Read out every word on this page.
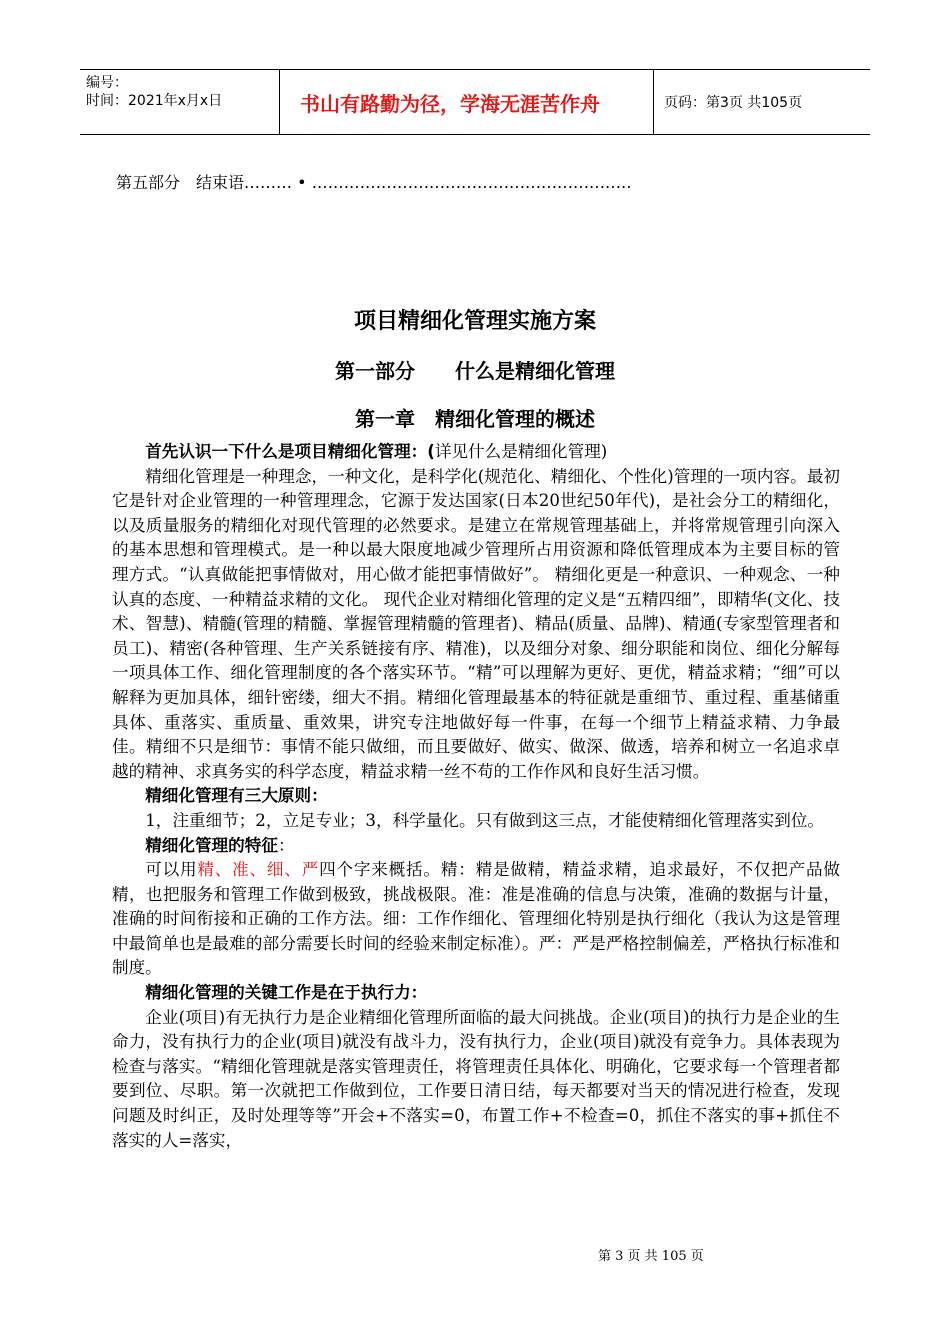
编号：
时间：2021年x月x日	书山有路勤为径，学海无涯苦作舟	页码：第3页 共105页
第五部分　结束语……… • ……………………………………………………
项目精细化管理实施方案
第一部分　　什么是精细化管理
第一章　精细化管理的概述

首先认识一下什么是项目精细化管理：(详见什么是精细化管理)

精细化管理是一种理念，一种文化，是科学化(规范化、精细化、个性化)管理的一项内容。最初它是针对企业管理的一种管理理念，它源于发达国家(日本20世纪50年代)，是社会分工的精细化，以及质量服务的精细化对现代管理的必然要求。是建立在常规管理基础上，并将常规管理引向深入的基本思想和管理模式。是一种以最大限度地减少管理所占用资源和降低管理成本为主要目标的管理方式。“认真做能把事情做对，用心做才能把事情做好”。 精细化更是一种意识、一种观念、一种认真的态度、一种精益求精的文化。 现代企业对精细化管理的定义是“五精四细”，即精华(文化、技术、智慧)、精髓(管理的精髓、掌握管理精髓的管理者)、精品(质量、品牌)、精通(专家型管理者和员工)、精密(各种管理、生产关系链接有序、精准)，以及细分对象、细分职能和岗位、细化分解每一项具体工作、细化管理制度的各个落实环节。“精”可以理解为更好、更优，精益求精；“细”可以解释为更加具体，细针密缕，细大不捐。精细化管理最基本的特征就是重细节、重过程、重基储重具体、重落实、重质量、重效果，讲究专注地做好每一件事，在每一个细节上精益求精、力争最佳。精细不只是细节：事情不能只做细，而且要做好、做实、做深、做透，培养和树立一名追求卓越的精神、求真务实的科学态度，精益求精一丝不苟的工作作风和良好生活习惯。

精细化管理有三大原则：

1，注重细节；2，立足专业；3，科学量化。只有做到这三点，才能使精细化管理落实到位。

精细化管理的特征：

可以用精、准、细、严四个字来概括。精：精是做精，精益求精，追求最好，不仅把产品做精，也把服务和管理工作做到极致，挑战极限。准：准是准确的信息与决策，准确的数据与计量，准确的时间衔接和正确的工作方法。细：工作作细化、管理细化特别是执行细化（我认为这是管理中最简单也是最难的部分需要长时间的经验来制定标准）。严：严是严格控制偏差，严格执行标准和制度。

精细化管理的关键工作是在于执行力：

企业(项目)有无执行力是企业精细化管理所面临的最大问挑战。企业(项目)的执行力是企业的生命力，没有执行力的企业(项目)就没有战斗力，没有执行力，企业(项目)就没有竞争力。具体表现为检查与落实。“精细化管理就是落实管理责任，将管理责任具体化、明确化，它要求每一个管理者都要到位、尽职。第一次就把工作做到位，工作要日清日结，每天都要对当天的情况进行检查，发现问题及时纠正，及时处理等等”开会+不落实=0，布置工作+不检查=0，抓住不落实的事+抓住不落实的人=落实，

第 3 页 共 105 页
